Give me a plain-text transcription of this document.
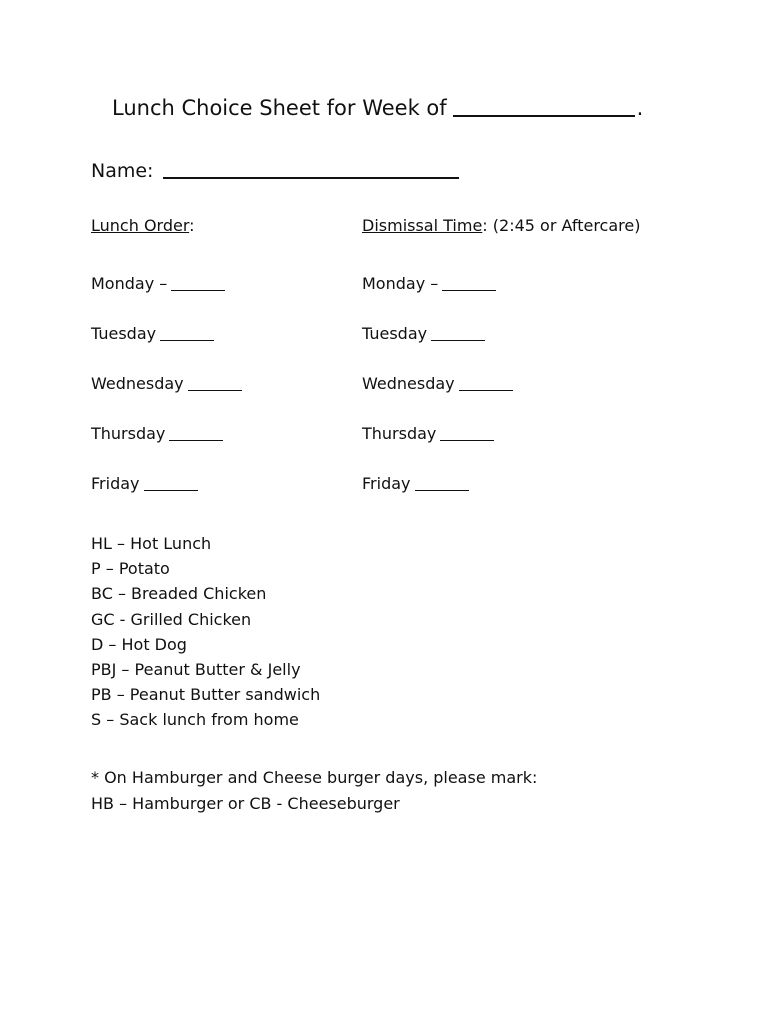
Lunch Choice Sheet for Week of	.
Name:
Lunch Order:
Monday –
Tuesday
Wednesday
Thursday
Friday
Dismissal Time: (2:45 or Aftercare)
Monday –
Tuesday
Wednesday
Thursday
Friday
HL – Hot Lunch
P – Potato
BC – Breaded Chicken
GC - Grilled Chicken
D – Hot Dog
PBJ – Peanut Butter & Jelly
PB – Peanut Butter sandwich
S – Sack lunch from home
* On Hamburger and Cheese burger days, please mark:
HB – Hamburger or CB - Cheeseburger
